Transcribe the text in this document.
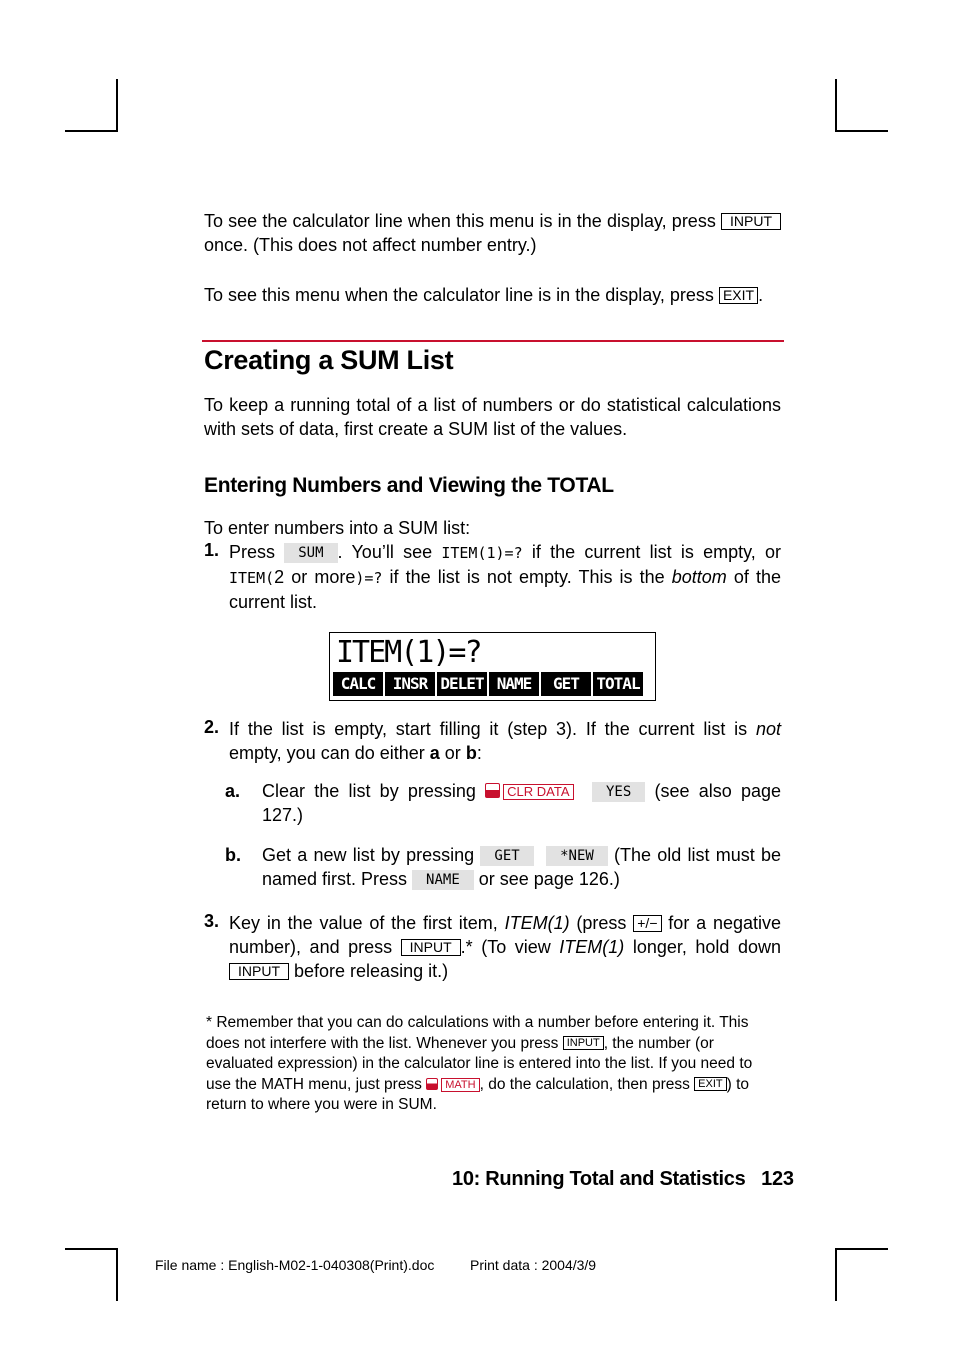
To see the calculator line when this menu is in the display, press INPUT once. (This does not affect number entry.)
To see this menu when the calculator line is in the display, press EXIT .
Creating a SUM List
To keep a running total of a list of numbers or do statistical calculations with sets of data, first create a SUM list of the values.
Entering Numbers and Viewing the TOTAL
To enter numbers into a SUM list:
1. Press SUM . You’ll see ITEM(1)=? if the current list is empty, or ITEM(2 or more)=? if the list is not empty. This is the bottom of the current list.
ITEM(1)=?
CALC	INSR DELET NAME	GET	TOTAL
2. If the list is empty, start filling it (step 3). If the current list is not empty, you can do either a or b:
a. Clear the list by pressing CLR DATA	YES (see also page 127.)
b. Get a new list by pressing GET	*NEW (The old list must be named first. Press NAME or see page 126.)
3. Key in the value of the first item, ITEM(1) (press +/− for a negative number), and press INPUT .* (To view ITEM(1) longer, hold down INPUT before releasing it.)
* Remember that you can do calculations with a number before entering it. This does not interfere with the list. Whenever you press INPUT , the number (or evaluated expression) in the calculator line is entered into the list. If you need to use the MATH menu, just press MATH , do the calculation, then press EXIT ) to return to where you were in SUM.
10: Running Total and Statistics 123
File name : English-M02-1-040308(Print).doc	Print data : 2004/3/9
